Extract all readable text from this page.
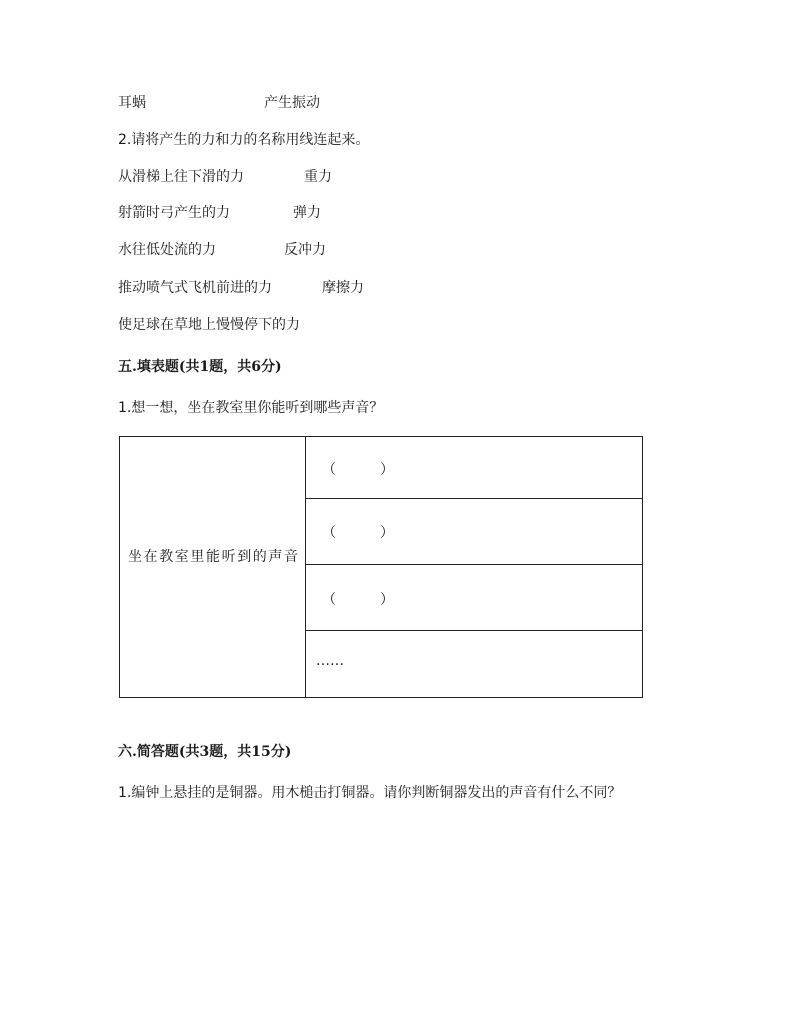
耳蜗	产生振动
2.请将产生的力和力的名称用线连起来。
从滑梯上往下滑的力	重力
射箭时弓产生的力	弹力
水往低处流的力	反冲力
推动喷气式飞机前进的力	摩擦力
使足球在草地上慢慢停下的力
五.填表题(共1题，共6分)
1.想一想，坐在教室里你能听到哪些声音？
坐在教室里能听到的声音
（	）
（	）
（	）
……
六.简答题(共3题，共15分)
1.编钟上悬挂的是铜器。用木槌击打铜器。请你判断铜器发出的声音有什么不同？
